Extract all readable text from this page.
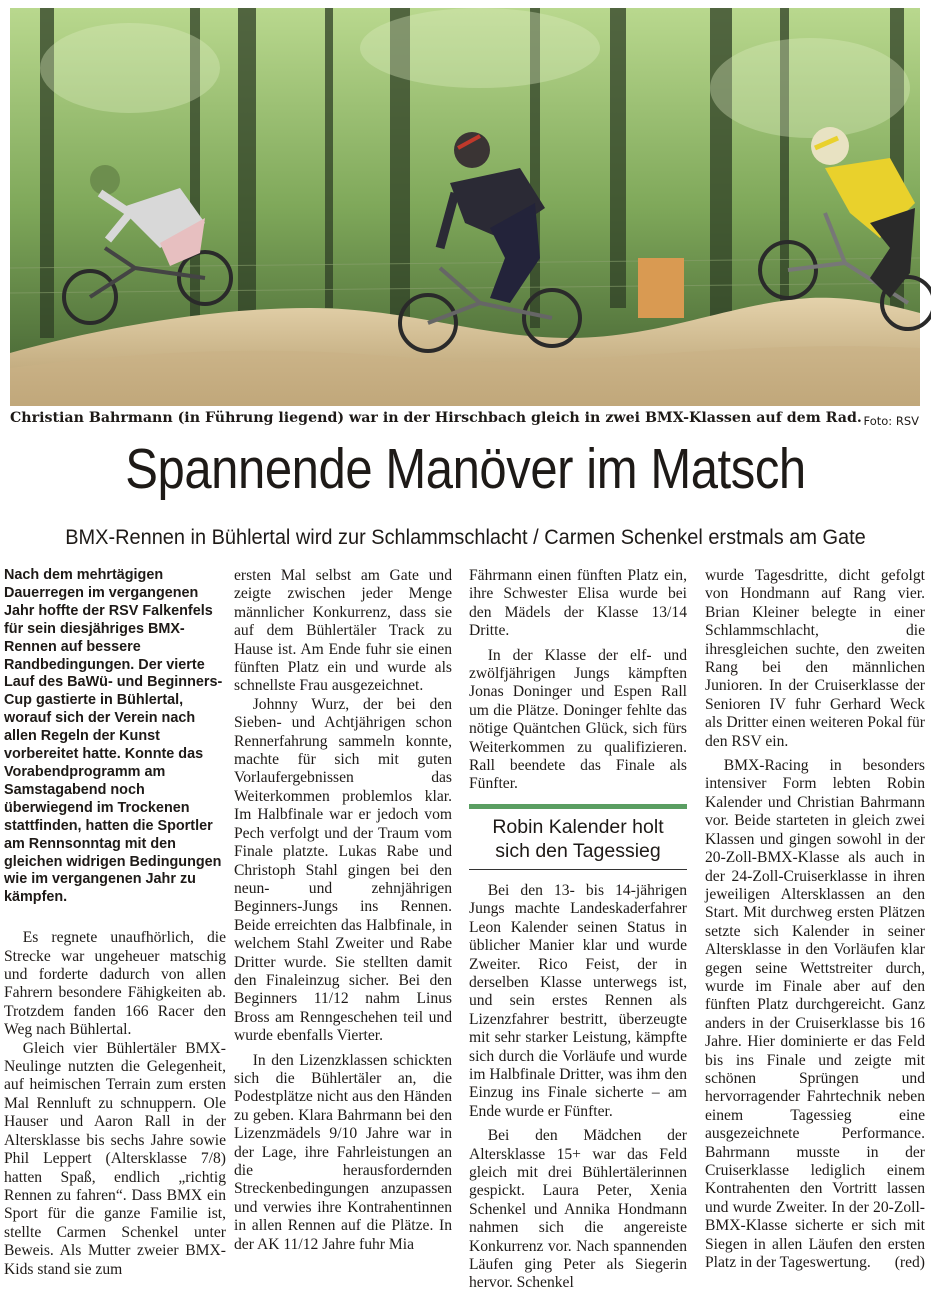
Christian Bahrmann (in Führung liegend) war in der Hirschbach gleich in zwei BMX-Klassen auf dem Rad. Foto: RSV
Spannende Manöver im Matsch
BMX-Rennen in Bühlertal wird zur Schlammschlacht / Carmen Schenkel erstmals am Gate

Nach dem mehrtägigen Dauerregen im vergangenen Jahr hoffte der RSV Falkenfels für sein diesjähriges BMX-Rennen auf bessere Randbedingungen. Der vierte Lauf des BaWü- und Beginners-Cup gastierte in Bühlertal, worauf sich der Verein nach allen Regeln der Kunst vorbereitet hatte. Konnte das Vorabendprogramm am Samstagabend noch überwiegend im Trockenen stattfinden, hatten die Sportler am Rennsonntag mit den gleichen widrigen Bedingungen wie im vergangenen Jahr zu kämpfen.

Es regnete unaufhörlich, die Strecke war ungeheuer matschig und forderte dadurch von allen Fahrern besondere Fähigkeiten ab. Trotzdem fanden 166 Racer den Weg nach Bühlertal.

Gleich vier Bühlertäler BMX-Neulinge nutzten die Gelegenheit, auf heimischen Terrain zum ersten Mal Rennluft zu schnuppern. Ole Hauser und Aaron Rall in der Altersklasse bis sechs Jahre sowie Phil Leppert (Altersklasse 7/8) hatten Spaß, endlich „richtig Rennen zu fahren“. Dass BMX ein Sport für die ganze Familie ist, stellte Carmen Schenkel unter Beweis. Als Mutter zweier BMX-Kids stand sie zum

ersten Mal selbst am Gate und zeigte zwischen jeder Menge männlicher Konkurrenz, dass sie auf dem Bühlertäler Track zu Hause ist. Am Ende fuhr sie einen fünften Platz ein und wurde als schnellste Frau ausgezeichnet.

Johnny Wurz, der bei den Sieben- und Achtjährigen schon Rennerfahrung sammeln konnte, machte für sich mit guten Vorlaufergebnissen das Weiterkommen problemlos klar. Im Halbfinale war er jedoch vom Pech verfolgt und der Traum vom Finale platzte. Lukas Rabe und Christoph Stahl gingen bei den neun- und zehnjährigen Beginners-Jungs ins Rennen. Beide erreichten das Halbfinale, in welchem Stahl Zweiter und Rabe Dritter wurde. Sie stellten damit den Finaleinzug sicher. Bei den Beginners 11/12 nahm Linus Bross am Renngeschehen teil und wurde ebenfalls Vierter.

In den Lizenzklassen schickten sich die Bühlertäler an, die Podestplätze nicht aus den Händen zu geben. Klara Bahrmann bei den Lizenzmädels 9/10 Jahre war in der Lage, ihre Fahrleistungen an die herausfordernden Streckenbedingungen anzupassen und verwies ihre Kontrahentinnen in allen Rennen auf die Plätze. In der AK 11/12 Jahre fuhr Mia

Fährmann einen fünften Platz ein, ihre Schwester Elisa wurde bei den Mädels der Klasse 13/14 Dritte.

In der Klasse der elf- und zwölfjährigen Jungs kämpften Jonas Doninger und Espen Rall um die Plätze. Doninger fehlte das nötige Quäntchen Glück, sich fürs Weiterkommen zu qualifizieren. Rall beendete das Finale als Fünfter.

Robin Kalender holt
sich den Tagessieg

Bei den 13- bis 14-jährigen Jungs machte Landeskaderfahrer Leon Kalender seinen Status in üblicher Manier klar und wurde Zweiter. Rico Feist, der in derselben Klasse unterwegs ist, und sein erstes Rennen als Lizenzfahrer bestritt, überzeugte mit sehr starker Leistung, kämpfte sich durch die Vorläufe und wurde im Halbfinale Dritter, was ihm den Einzug ins Finale sicherte – am Ende wurde er Fünfter.

Bei den Mädchen der Altersklasse 15+ war das Feld gleich mit drei Bühlertälerinnen gespickt. Laura Peter, Xenia Schenkel und Annika Hondmann nahmen sich die angereiste Konkurrenz vor. Nach spannenden Läufen ging Peter als Siegerin hervor. Schenkel

wurde Tagesdritte, dicht gefolgt von Hondmann auf Rang vier. Brian Kleiner belegte in einer Schlammschlacht, die ihresgleichen suchte, den zweiten Rang bei den männlichen Junioren. In der Cruiserklasse der Senioren IV fuhr Gerhard Weck als Dritter einen weiteren Pokal für den RSV ein.

BMX-Racing in besonders intensiver Form lebten Robin Kalender und Christian Bahrmann vor. Beide starteten in gleich zwei Klassen und gingen sowohl in der 20-Zoll-BMX-Klasse als auch in der 24-Zoll-Cruiserklasse in ihren jeweiligen Altersklassen an den Start. Mit durchweg ersten Plätzen setzte sich Kalender in seiner Altersklasse in den Vorläufen klar gegen seine Wettstreiter durch, wurde im Finale aber auf den fünften Platz durchgereicht. Ganz anders in der Cruiserklasse bis 16 Jahre. Hier dominierte er das Feld bis ins Finale und zeigte mit schönen Sprüngen und hervorragender Fahrtechnik neben einem Tagessieg eine ausgezeichnete Performance. Bahrmann musste in der Cruiserklasse lediglich einem Kontrahenten den Vortritt lassen und wurde Zweiter. In der 20-Zoll-BMX-Klasse sicherte er sich mit Siegen in allen Läufen den ersten Platz in der Tageswertung.	(red)
